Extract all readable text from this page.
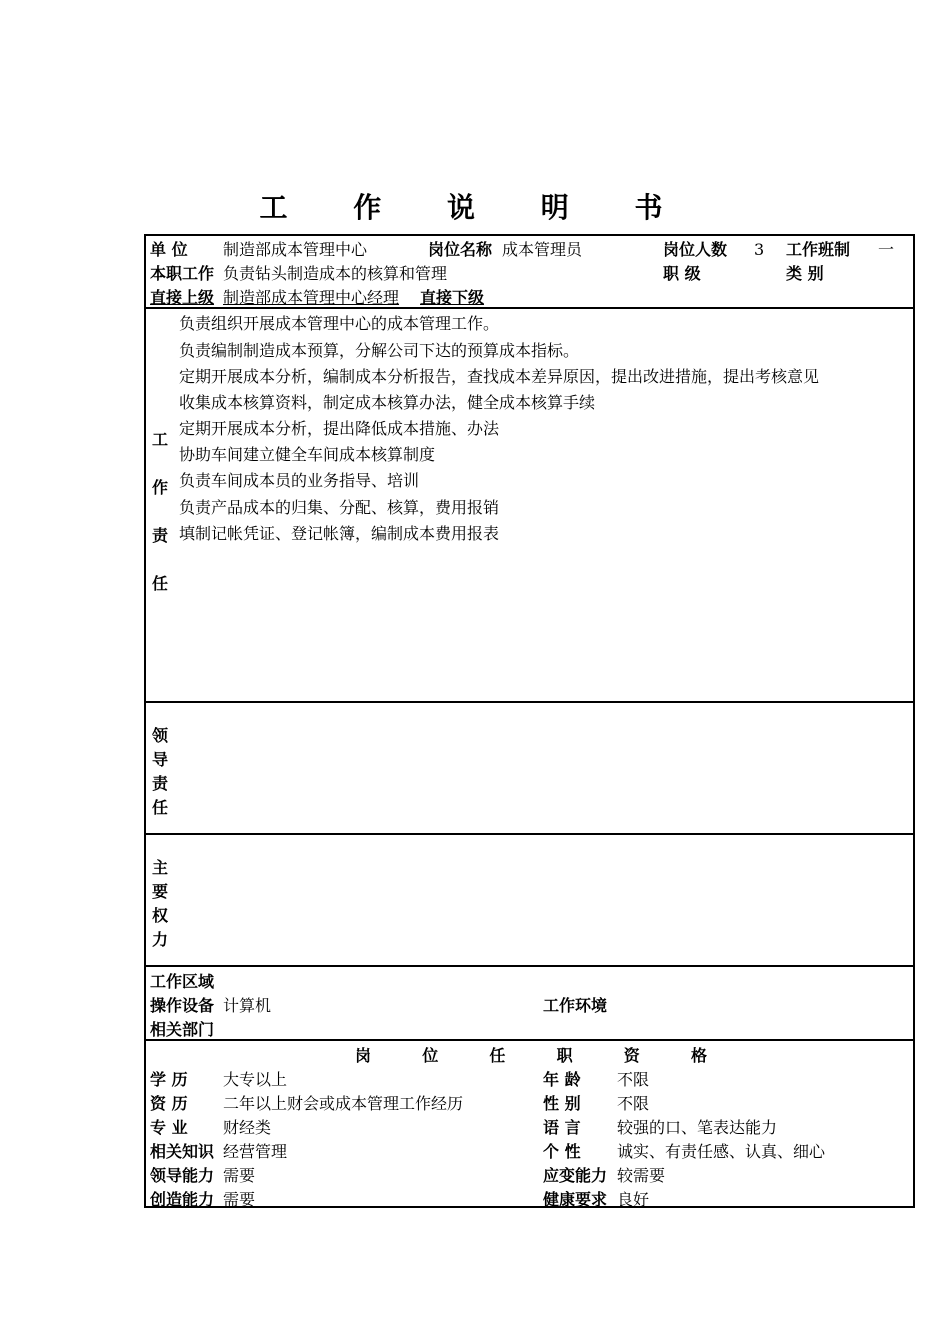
工 作 说 明 书
单 位	制造部成本管理中心	岗位名称 成本管理员	岗位人数 3 工作班制 一
本职工作 负责钻头制造成本的核算和管理	职 级	类 别
直接上级 制造部成本管理中心经理 直接下级
工
作
责
任
负责组织开展成本管理中心的成本管理工作。
负责编制制造成本预算，分解公司下达的预算成本指标。
定期开展成本分析，编制成本分析报告，查找成本差异原因，提出改进措施，提出考核意见
收集成本核算资料，制定成本核算办法，健全成本核算手续
定期开展成本分析，提出降低成本措施、办法
协助车间建立健全车间成本核算制度
负责车间成本员的业务指导、培训
负责产品成本的归集、分配、核算，费用报销
填制记帐凭证、登记帐簿，编制成本费用报表
领
导
责
任
主
要
权
力
工作区域
操作设备 计算机	工作环境
相关部门
岗	位	任	职	资	格
学 历 大专以上	年 龄 不限
资 历 二年以上财会或成本管理工作经历	性 别 不限
专 业 财经类	语 言 较强的口、笔表达能力
相关知识 经营管理	个 性 诚实、有责任感、认真、细心
领导能力 需要	应变能力 较需要
创造能力 需要	健康要求 良好
